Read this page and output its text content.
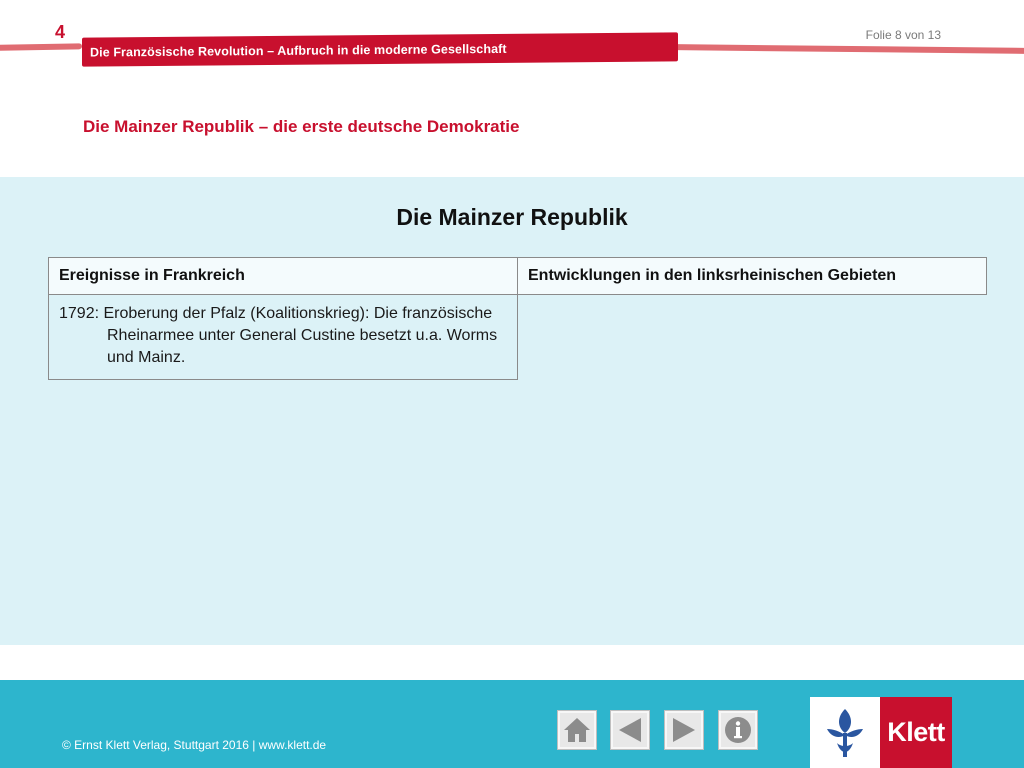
4	Folie 8 von 13
Die Französische Revolution – Aufbruch in die moderne Gesellschaft
Die Mainzer Republik – die erste deutsche Demokratie
Die Mainzer Republik
Ereignisse in Frankreich	Entwicklungen in den linksrheinischen Gebieten

1792: Eroberung der Pfalz (Koalitionskrieg): Die französische Rheinarmee unter General Custine besetzt u.a. Worms und Mainz.	

© Ernst Klett Verlag, Stuttgart 2016 | www.klett.de	Klett
